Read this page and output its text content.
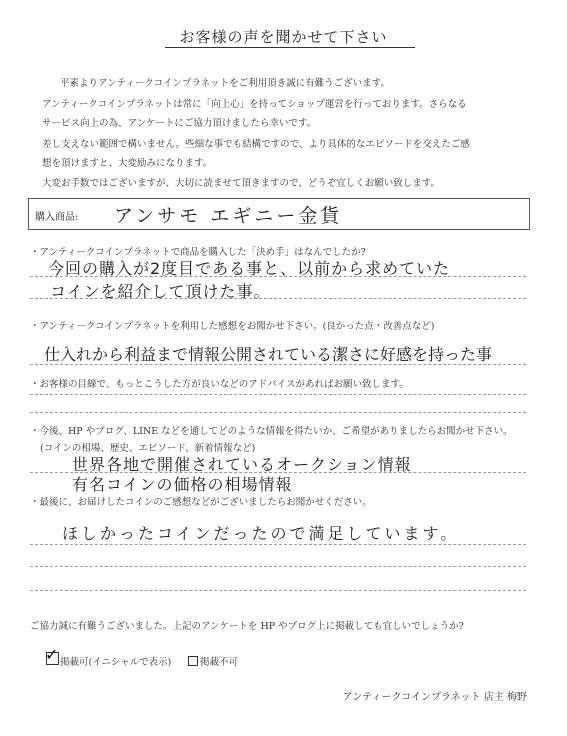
お客様の声を聞かせて下さい
平素よりアンティークコインプラネットをご利用頂き誠に有難うございます。
アンティークコインプラネットは常に「向上心」を持ってショップ運営を行っております。さらなる
サービス向上の為、アンケートにご協力頂けましたら幸いです。
差し支えない範囲で構いません。些細な事でも結構ですので、より具体的なエピソードを交えたご感
想を頂けますと、大変励みになります。
大変お手数ではございますが、大切に読ませて頂きますので、どうぞ宜しくお願い致します。
購入商品: アンサモ エギニー金貨
・アンティークコインプラネットで商品を購入した「決め手」はなんでしたか?
今回の購入が2度目である事と、以前から求めていた
コインを紹介して頂けた事。
・アンティークコインプラネットを利用した感想をお聞かせ下さい。(良かった点・改善点など)
仕入れから利益まで情報公開されている潔さに好感を持った事
・お客様の目線で、もっとこうした方が良いなどのアドバイスがあればお願い致します。
・今後、HP やブログ、LINE などを通してどのような情報を得たいか、ご希望がありましたらお聞かせ下さい。
(コインの相場、歴史、エピソード、新着情報など)
世界各地で開催されているオークション情報
有名コインの価格の相場情報
・最後に、お届けしたコインのご感想などがございましたらお聞かせください。
ほしかったコインだったので満足しています。
ご協力誠に有難うございました。上記のアンケートを HP やブログ上に掲載しても宜しいでしょうか?
✓ 掲載可(イニシャルで表示)	掲載不可
アンティークコインプラネット 店主 梅野
